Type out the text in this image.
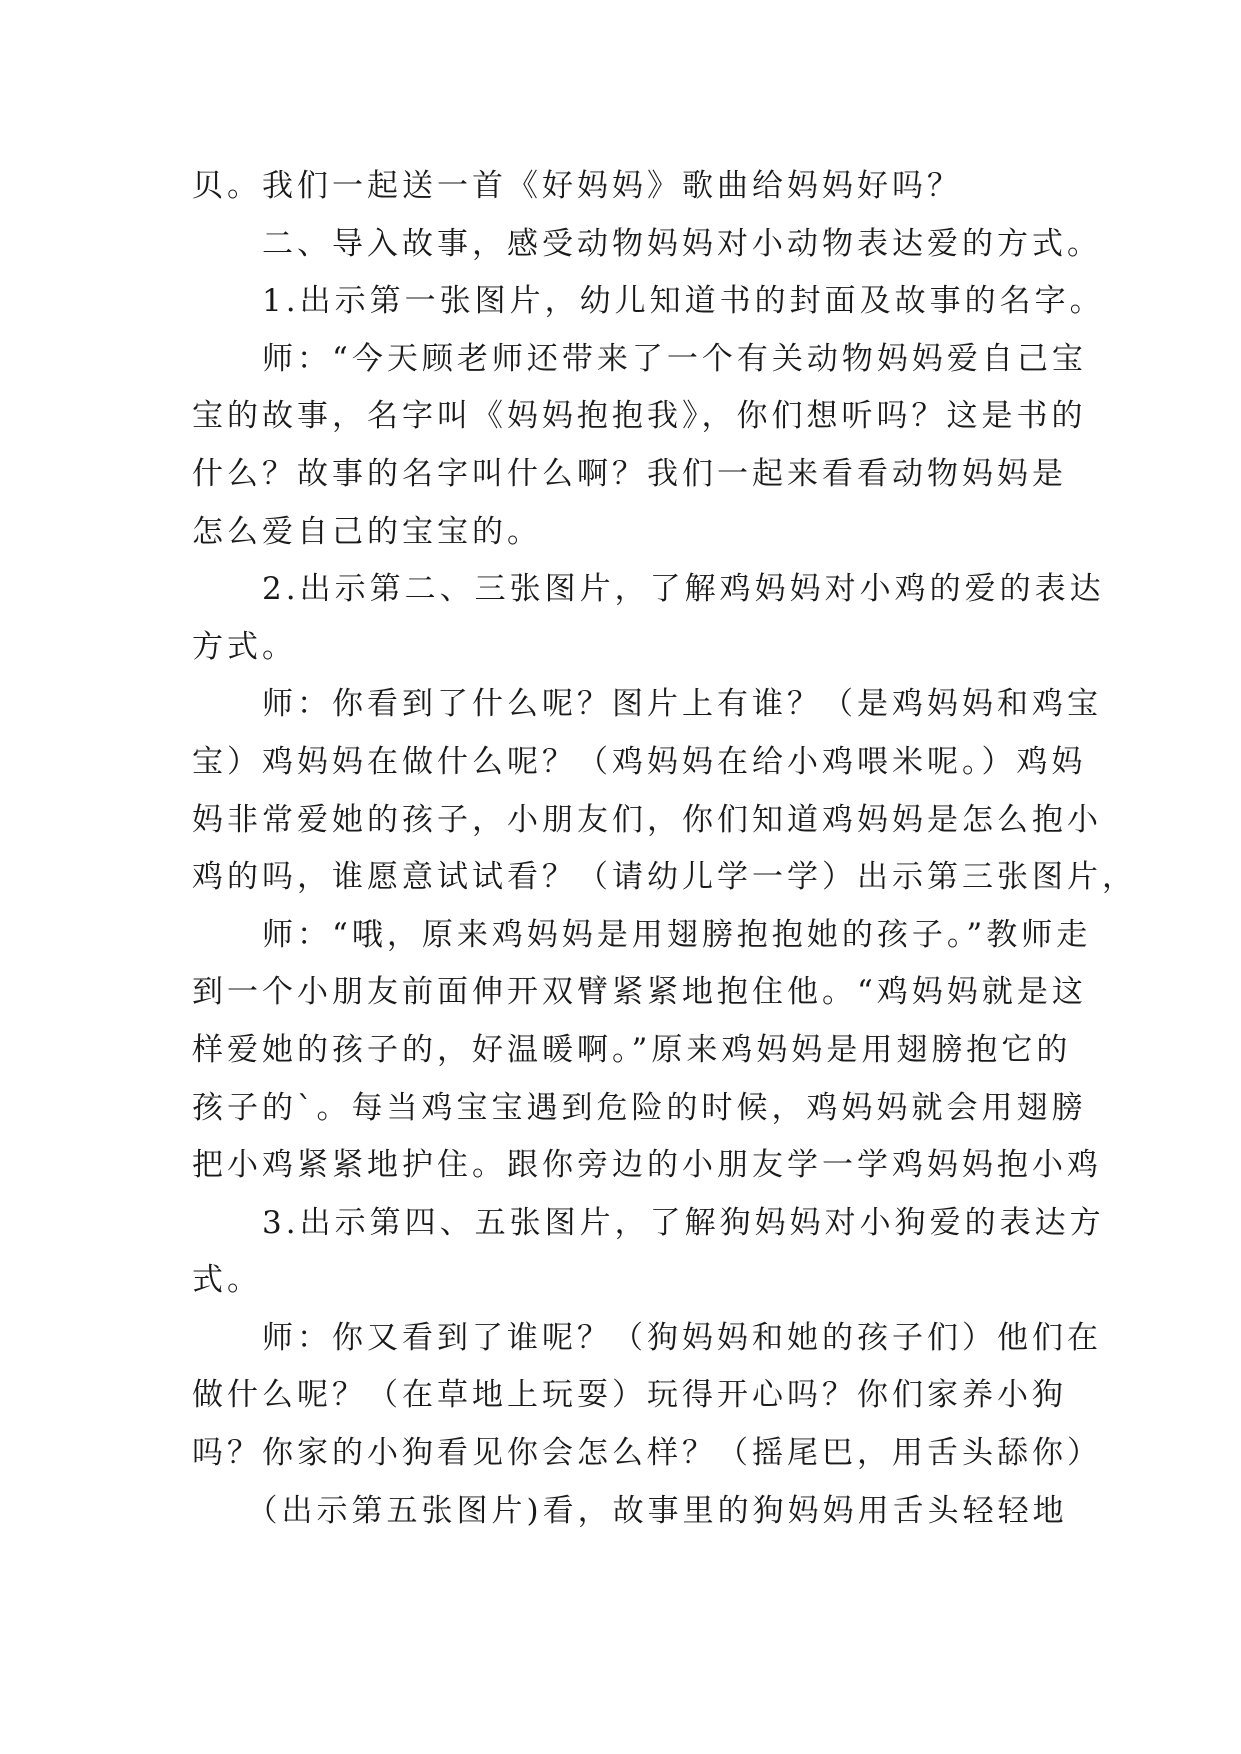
贝。我们一起送一首《好妈妈》歌曲给妈妈好吗？
　　二、导入故事，感受动物妈妈对小动物表达爱的方式。
　　1.出示第一张图片，幼儿知道书的封面及故事的名字。
　　师：“今天顾老师还带来了一个有关动物妈妈爱自己宝
宝的故事，名字叫《妈妈抱抱我》，你们想听吗？这是书的
什么？故事的名字叫什么啊？我们一起来看看动物妈妈是
怎么爱自己的宝宝的。
　　2.出示第二、三张图片，了解鸡妈妈对小鸡的爱的表达
方式。
　　师：你看到了什么呢？图片上有谁？（是鸡妈妈和鸡宝
宝）鸡妈妈在做什么呢？（鸡妈妈在给小鸡喂米呢。）鸡妈
妈非常爱她的孩子，小朋友们，你们知道鸡妈妈是怎么抱小
鸡的吗，谁愿意试试看？（请幼儿学一学）出示第三张图片，
　　师：“哦，原来鸡妈妈是用翅膀抱抱她的孩子。”教师走
到一个小朋友前面伸开双臂紧紧地抱住他。“鸡妈妈就是这
样爱她的孩子的，好温暖啊。”原来鸡妈妈是用翅膀抱它的
孩子的`。每当鸡宝宝遇到危险的时候，鸡妈妈就会用翅膀
把小鸡紧紧地护住。跟你旁边的小朋友学一学鸡妈妈抱小鸡
　　3.出示第四、五张图片，了解狗妈妈对小狗爱的表达方
式。
　　师：你又看到了谁呢？（狗妈妈和她的孩子们）他们在
做什么呢？（在草地上玩耍）玩得开心吗？你们家养小狗
吗？你家的小狗看见你会怎么样？（摇尾巴，用舌头舔你）
　　（出示第五张图片)看，故事里的狗妈妈用舌头轻轻地
